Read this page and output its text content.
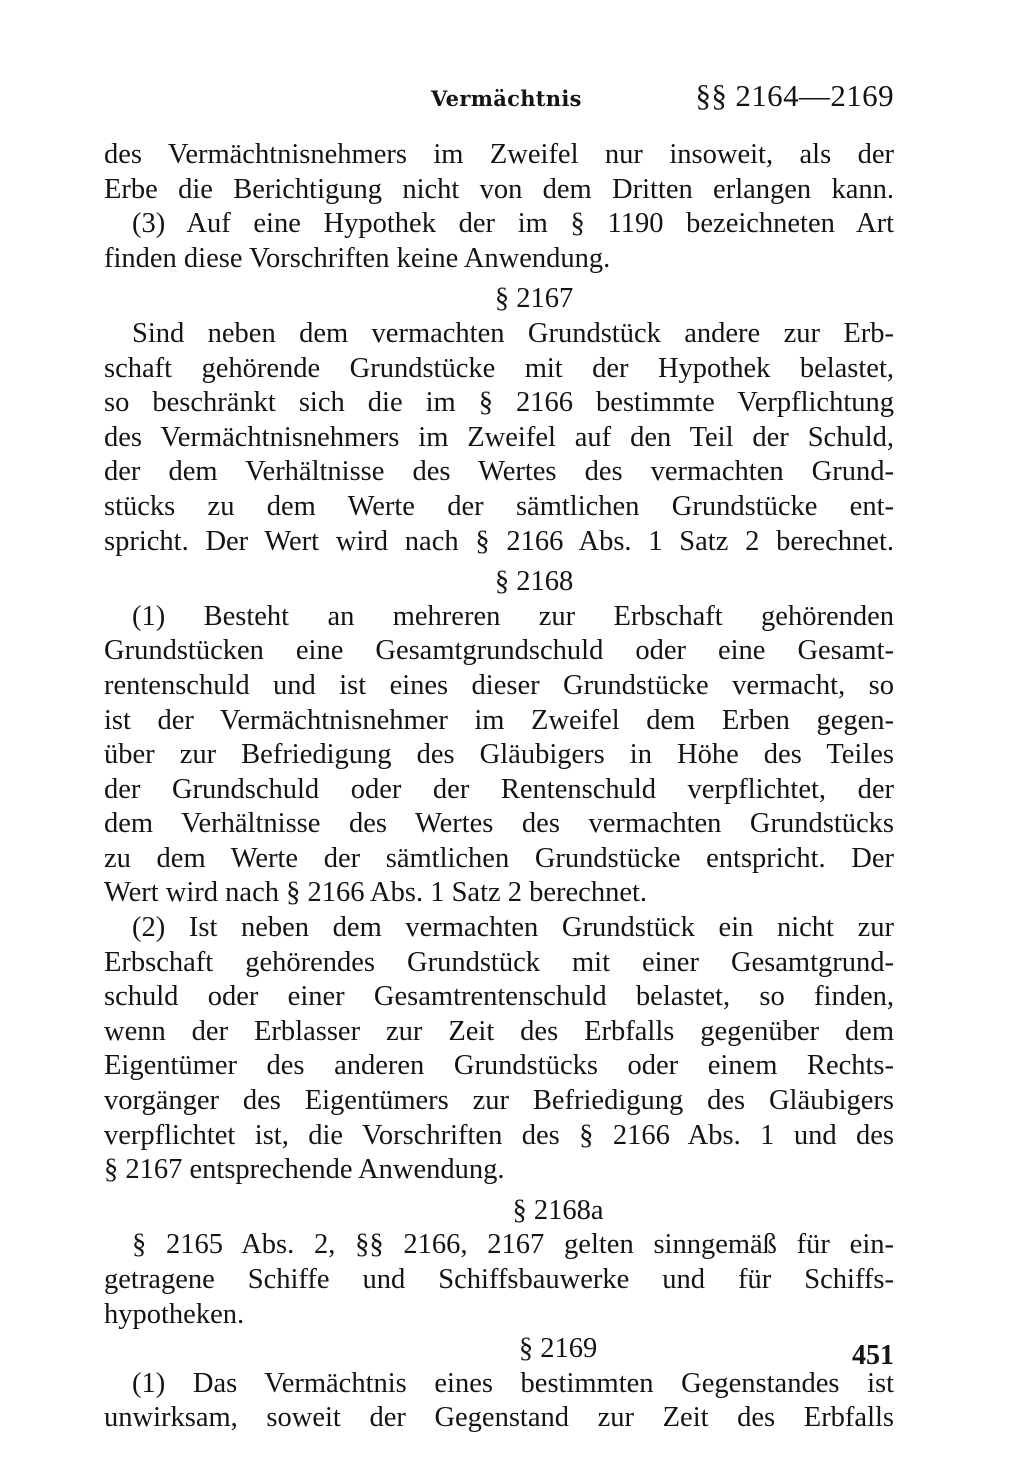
Vermächtnis	§§ 2164—2169
des Vermächtnisnehmers im Zweifel nur insoweit, als der
Erbe die Berichtigung nicht von dem Dritten erlangen kann.
(3) Auf eine Hypothek der im § 1190 bezeichneten Art
finden diese Vorschriften keine Anwendung.
§ 2167
Sind neben dem vermachten Grundstück andere zur Erb-
schaft gehörende Grundstücke mit der Hypothek belastet,
so beschränkt sich die im § 2166 bestimmte Verpflichtung
des Vermächtnisnehmers im Zweifel auf den Teil der Schuld,
der dem Verhältnisse des Wertes des vermachten Grund-
stücks zu dem Werte der sämtlichen Grundstücke ent-
spricht. Der Wert wird nach § 2166 Abs. 1 Satz 2 berechnet.
§ 2168
(1) Besteht an mehreren zur Erbschaft gehörenden
Grundstücken eine Gesamtgrundschuld oder eine Gesamt-
rentenschuld und ist eines dieser Grundstücke vermacht, so
ist der Vermächtnisnehmer im Zweifel dem Erben gegen-
über zur Befriedigung des Gläubigers in Höhe des Teiles
der Grundschuld oder der Rentenschuld verpflichtet, der
dem Verhältnisse des Wertes des vermachten Grundstücks
zu dem Werte der sämtlichen Grundstücke entspricht. Der
Wert wird nach § 2166 Abs. 1 Satz 2 berechnet.
(2) Ist neben dem vermachten Grundstück ein nicht zur
Erbschaft gehörendes Grundstück mit einer Gesamtgrund-
schuld oder einer Gesamtrentenschuld belastet, so finden,
wenn der Erblasser zur Zeit des Erbfalls gegenüber dem
Eigentümer des anderen Grundstücks oder einem Rechts-
vorgänger des Eigentümers zur Befriedigung des Gläubigers
verpflichtet ist, die Vorschriften des § 2166 Abs. 1 und des
§ 2167 entsprechende Anwendung.
§ 2168a
§ 2165 Abs. 2, §§ 2166, 2167 gelten sinngemäß für ein-
getragene Schiffe und Schiffsbauwerke und für Schiffs-
hypotheken.
§ 2169
(1) Das Vermächtnis eines bestimmten Gegenstandes ist
unwirksam, soweit der Gegenstand zur Zeit des Erbfalls
451
